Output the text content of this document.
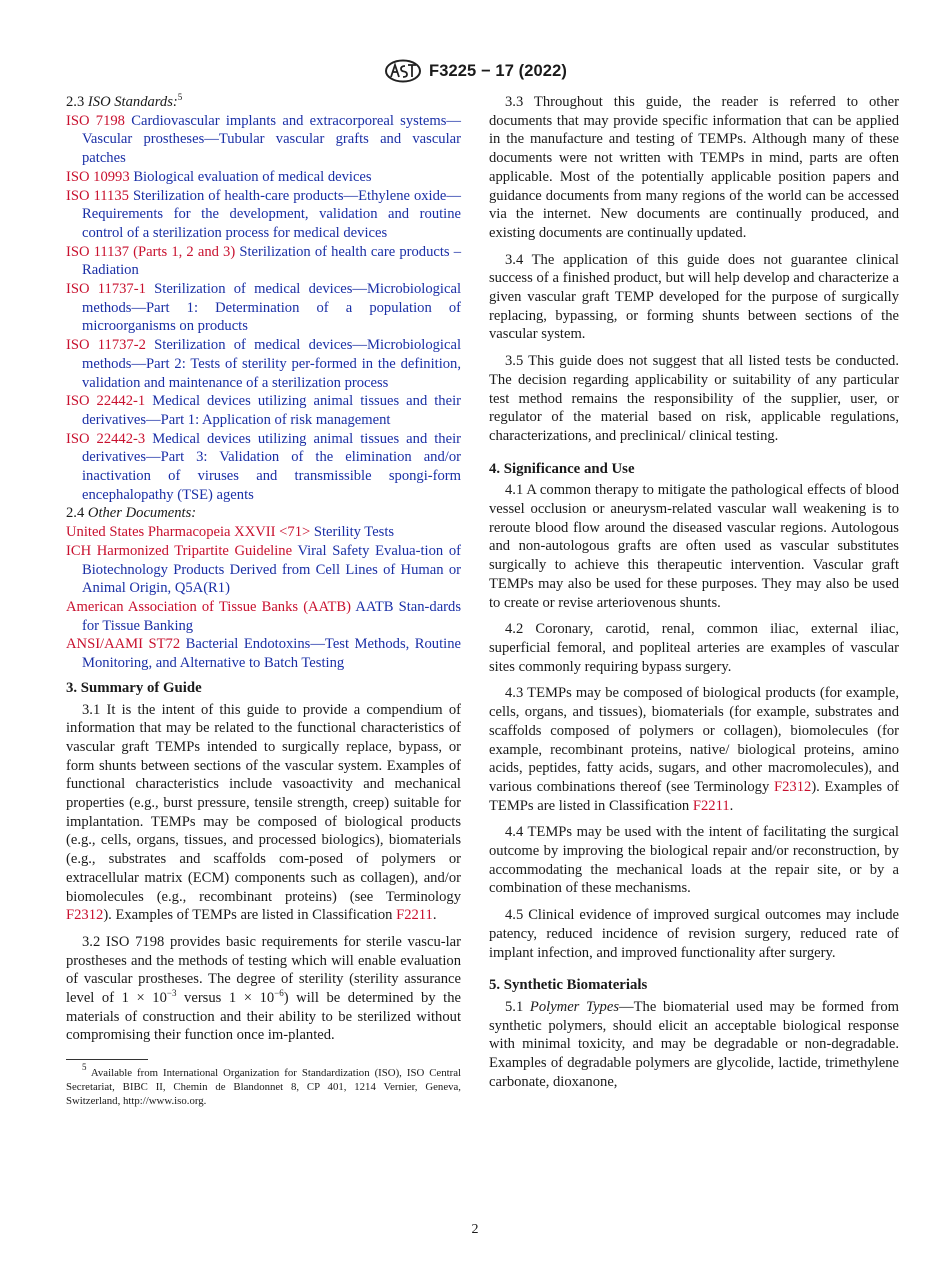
F3225 − 17 (2022)

2.3 ISO Standards:$^5$

ISO 7198 Cardiovascular implants and extracorporeal systems—Vascular prostheses—Tubular vascular grafts and vascular patches

ISO 10993 Biological evaluation of medical devices

ISO 11135 Sterilization of health-care products—Ethylene oxide—Requirements for the development, validation and routine control of a sterilization process for medical devices

ISO 11137 (Parts 1, 2 and 3) Sterilization of health care products – Radiation

ISO 11737-1 Sterilization of medical devices—Microbiological methods—Part 1: Determination of a population of microorganisms on products

ISO 11737-2 Sterilization of medical devices—Microbiological methods—Part 2: Tests of sterility per-formed in the definition, validation and maintenance of a sterilization process

ISO 22442-1 Medical devices utilizing animal tissues and their derivatives—Part 1: Application of risk management

ISO 22442-3 Medical devices utilizing animal tissues and their derivatives—Part 3: Validation of the elimination and/or inactivation of viruses and transmissible spongi-form encephalopathy (TSE) agents

2.4 Other Documents:

United States Pharmacopeia XXVII <71> Sterility Tests

ICH Harmonized Tripartite Guideline Viral Safety Evalua-tion of Biotechnology Products Derived from Cell Lines of Human or Animal Origin, Q5A(R1)

American Association of Tissue Banks (AATB) AATB Stan-dards for Tissue Banking

ANSI/AAMI ST72 Bacterial Endotoxins—Test Methods, Routine Monitoring, and Alternative to Batch Testing

3. Summary of Guide

3.1 It is the intent of this guide to provide a compendium of information that may be related to the functional characteristics of vascular graft TEMPs intended to surgically replace, bypass, or form shunts between sections of the vascular system. Examples of functional characteristics include vasoactivity and mechanical properties (e.g., burst pressure, tensile strength, creep) suitable for implantation. TEMPs may be composed of biological products (e.g., cells, organs, tissues, and processed biologics), biomaterials (e.g., substrates and scaffolds com-posed of polymers or extracellular matrix (ECM) components such as collagen), and/or biomolecules (e.g., recombinant proteins) (see Terminology F2312). Examples of TEMPs are listed in Classification F2211.

3.2 ISO 7198 provides basic requirements for sterile vascu-lar prostheses and the methods of testing which will enable evaluation of vascular prostheses. The degree of sterility (sterility assurance level of $1 \times 10^{-3}$ versus $1 \times 10^{-6}$) will be determined by the materials of construction and their ability to be sterilized without compromising their function once im-planted.

$^5$ Available from International Organization for Standardization (ISO), ISO Central Secretariat, BIBC II, Chemin de Blandonnet 8, CP 401, 1214 Vernier, Geneva, Switzerland, http://www.iso.org.

3.3 Throughout this guide, the reader is referred to other documents that may provide specific information that can be applied in the manufacture and testing of TEMPs. Although many of these documents were not written with TEMPs in mind, parts are often applicable. Most of the potentially applicable position papers and guidance documents from many regions of the world can be accessed via the internet. New documents are continually produced, and existing documents are continually updated.

3.4 The application of this guide does not guarantee clinical success of a finished product, but will help develop and characterize a given vascular graft TEMP developed for the purpose of surgically replacing, bypassing, or forming shunts between sections of the vascular system.

3.5 This guide does not suggest that all listed tests be conducted. The decision regarding applicability or suitability of any particular test method remains the responsibility of the supplier, user, or regulator of the material based on risk, applicable regulations, characterizations, and preclinical/ clinical testing.

4. Significance and Use

4.1 A common therapy to mitigate the pathological effects of blood vessel occlusion or aneurysm-related vascular wall weakening is to reroute blood flow around the diseased vascular regions. Autologous and non-autologous grafts are often used as vascular substitutes surgically to achieve this therapeutic intervention. Vascular graft TEMPs may also be used for these purposes. They may also be used to create or revise arteriovenous shunts.

4.2 Coronary, carotid, renal, common iliac, external iliac, superficial femoral, and popliteal arteries are examples of vascular sites commonly requiring bypass surgery.

4.3 TEMPs may be composed of biological products (for example, cells, organs, and tissues), biomaterials (for example, substrates and scaffolds composed of polymers or collagen), biomolecules (for example, recombinant proteins, native/ biological proteins, amino acids, peptides, fatty acids, sugars, and other macromolecules), and various combinations thereof (see Terminology F2312). Examples of TEMPs are listed in Classification F2211.

4.4 TEMPs may be used with the intent of facilitating the surgical outcome by improving the biological repair and/or reconstruction, by accommodating the mechanical loads at the repair site, or by a combination of these mechanisms.

4.5 Clinical evidence of improved surgical outcomes may include patency, reduced incidence of revision surgery, reduced rate of implant infection, and improved functionality after surgery.

5. Synthetic Biomaterials

5.1 Polymer Types—The biomaterial used may be formed from synthetic polymers, should elicit an acceptable biological response with minimal toxicity, and may be degradable or non-degradable. Examples of degradable polymers are glycolide, lactide, trimethylene carbonate, dioxanone,

2
